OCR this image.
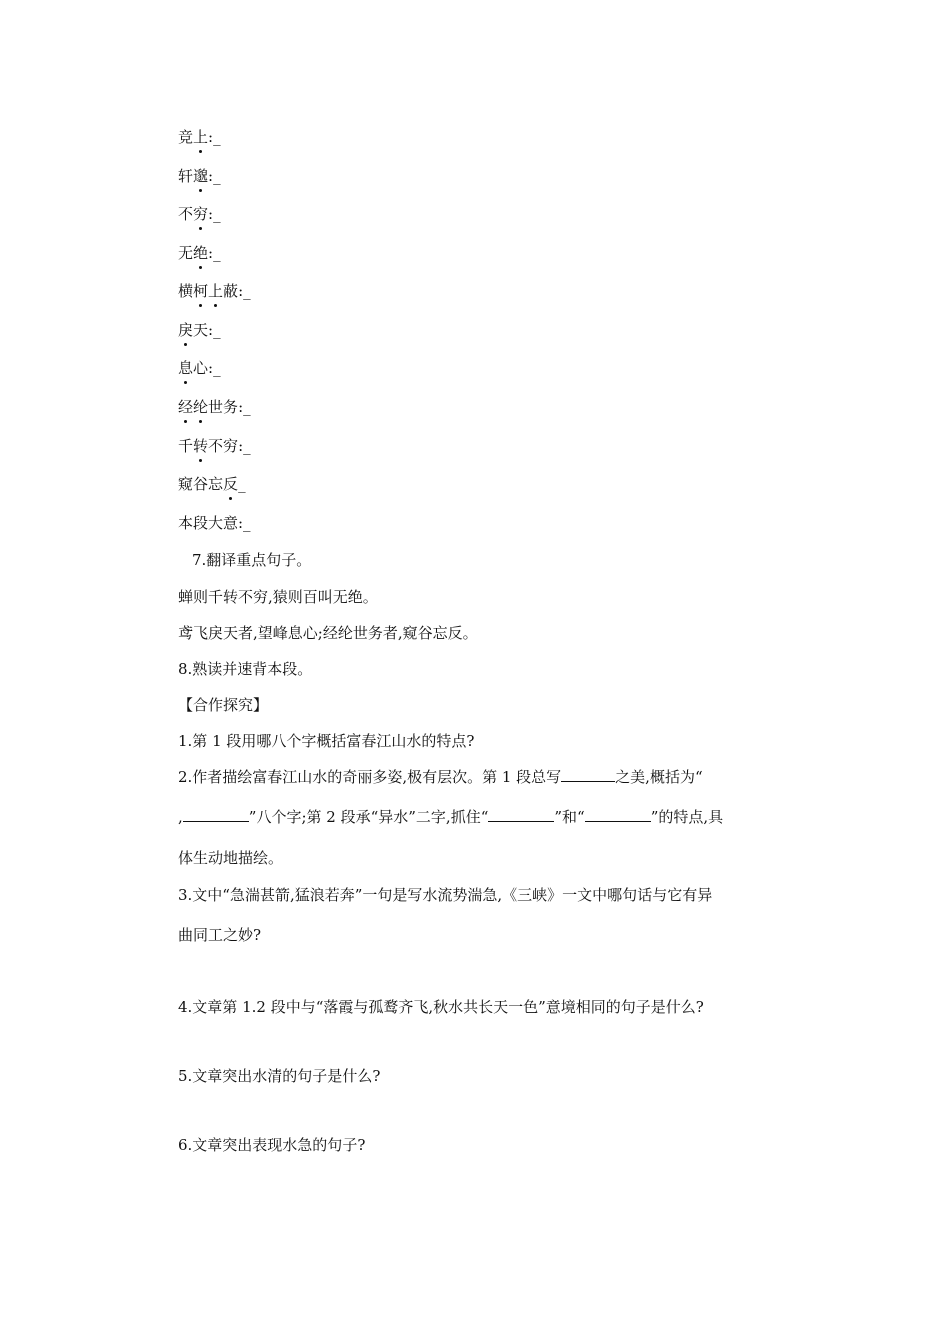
竞上:_
轩邈:_
不穷:_
无绝:_
横柯上蔽:_
戾天:_
息心:_
经纶世务:_
千转不穷:_
窥谷忘反_
本段大意:_
7.翻译重点句子。
蝉则千转不穷,猿则百叫无绝。
鸢飞戾天者,望峰息心;经纶世务者,窥谷忘反。
8.熟读并速背本段。
【合作探究】
1.第 1 段用哪八个字概括富春江山水的特点?
2.作者描绘富春江山水的奇丽多姿,极有层次。第 1 段总写	之美,概括为“
,	”八个字;第 2 段承“异水”二字,抓住“	”和“	”的特点,具
体生动地描绘。
3.文中“急湍甚箭,猛浪若奔”一句是写水流势湍急,《三峡》一文中哪句话与它有异
曲同工之妙?
4.文章第 1.2 段中与“落霞与孤鹜齐飞,秋水共长天一色”意境相同的句子是什么?
5.文章突出水清的句子是什么?
6.文章突出表现水急的句子?
